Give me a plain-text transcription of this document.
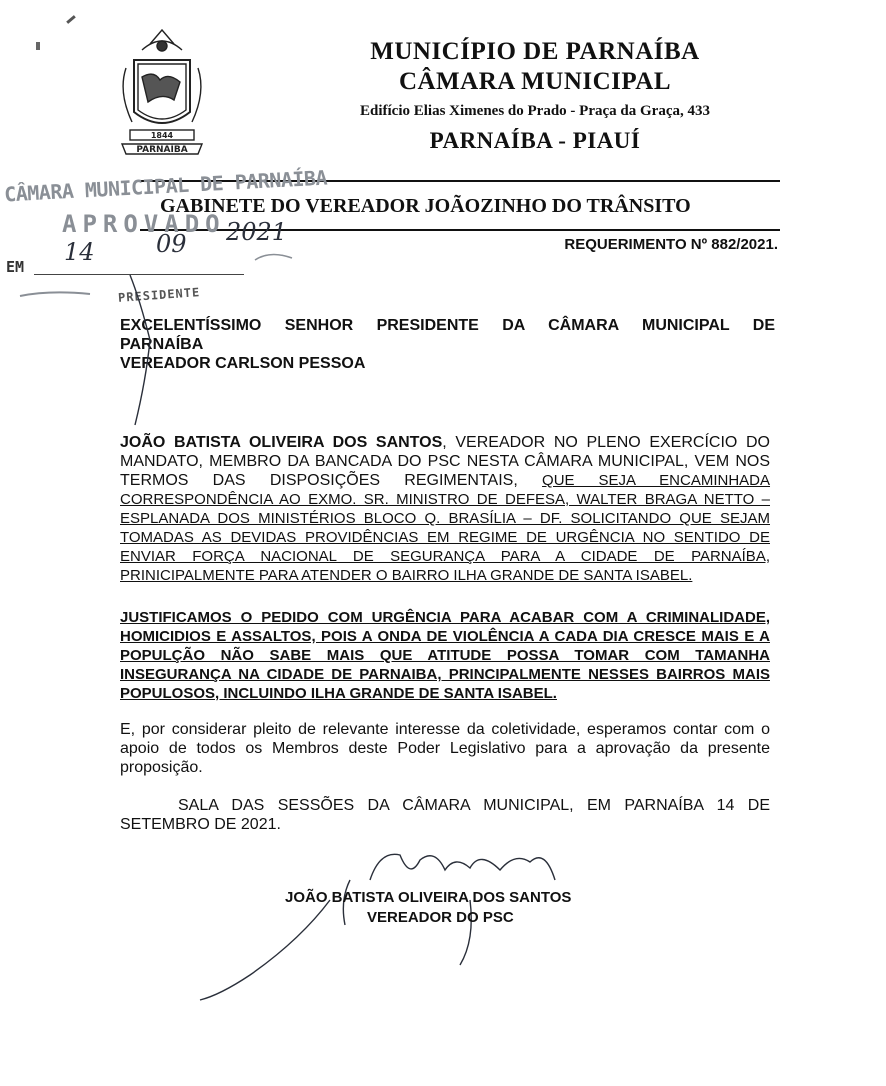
1844
PARNAÍBA
MUNICÍPIO DE PARNAÍBA
CÂMARA MUNICIPAL
Edifício Elias Ximenes do Prado - Praça da Graça, 433
PARNAÍBA - PIAUÍ
GABINETE DO VEREADOR JOÃOZINHO DO TRÂNSITO
REQUERIMENTO Nº 882/2021.
CÂMARA MUNICIPAL DE PARNAÍBA
APROVADO
EM
14	09 2021
PRESIDENTE
EXCELENTÍSSIMO SENHOR PRESIDENTE DA CÂMARA MUNICIPAL DE
PARNAÍBA
VEREADOR CARLSON PESSOA
JOÃO BATISTA OLIVEIRA DOS SANTOS, VEREADOR NO PLENO EXERCÍCIO DO MANDATO, MEMBRO DA BANCADA DO PSC NESTA CÂMARA MUNICIPAL, VEM NOS TERMOS DAS DISPOSIÇÕES REGIMENTAIS, QUE SEJA ENCAMINHADA CORRESPONDÊNCIA AO EXMO. SR. MINISTRO DE DEFESA, WALTER BRAGA NETTO – ESPLANADA DOS MINISTÉRIOS BLOCO Q. BRASÍLIA – DF. SOLICITANDO QUE SEJAM TOMADAS AS DEVIDAS PROVIDÊNCIAS EM REGIME DE URGÊNCIA NO SENTIDO DE ENVIAR FORÇA NACIONAL DE SEGURANÇA PARA A CIDADE DE PARNAÍBA, PRINICIPALMENTE PARA ATENDER O BAIRRO ILHA GRANDE DE SANTA ISABEL.
JUSTIFICAMOS O PEDIDO COM URGÊNCIA PARA ACABAR COM A CRIMINALIDADE, HOMICIDIOS E ASSALTOS, POIS A ONDA DE VIOLÊNCIA A CADA DIA CRESCE MAIS E A POPULÇÃO NÃO SABE MAIS QUE ATITUDE POSSA TOMAR COM TAMANHA INSEGURANÇA NA CIDADE DE PARNAIBA, PRINCIPALMENTE NESSES BAIRROS MAIS POPULOSOS, INCLUINDO ILHA GRANDE DE SANTA ISABEL.
E, por considerar pleito de relevante interesse da coletividade, esperamos contar com o apoio de todos os Membros deste Poder Legislativo para a aprovação da presente proposição.
SALA DAS SESSÕES DA CÂMARA MUNICIPAL, EM PARNAÍBA 14 DE
SETEMBRO DE 2021.
JOÃO BATISTA OLIVEIRA DOS SANTOS
VEREADOR DO PSC
